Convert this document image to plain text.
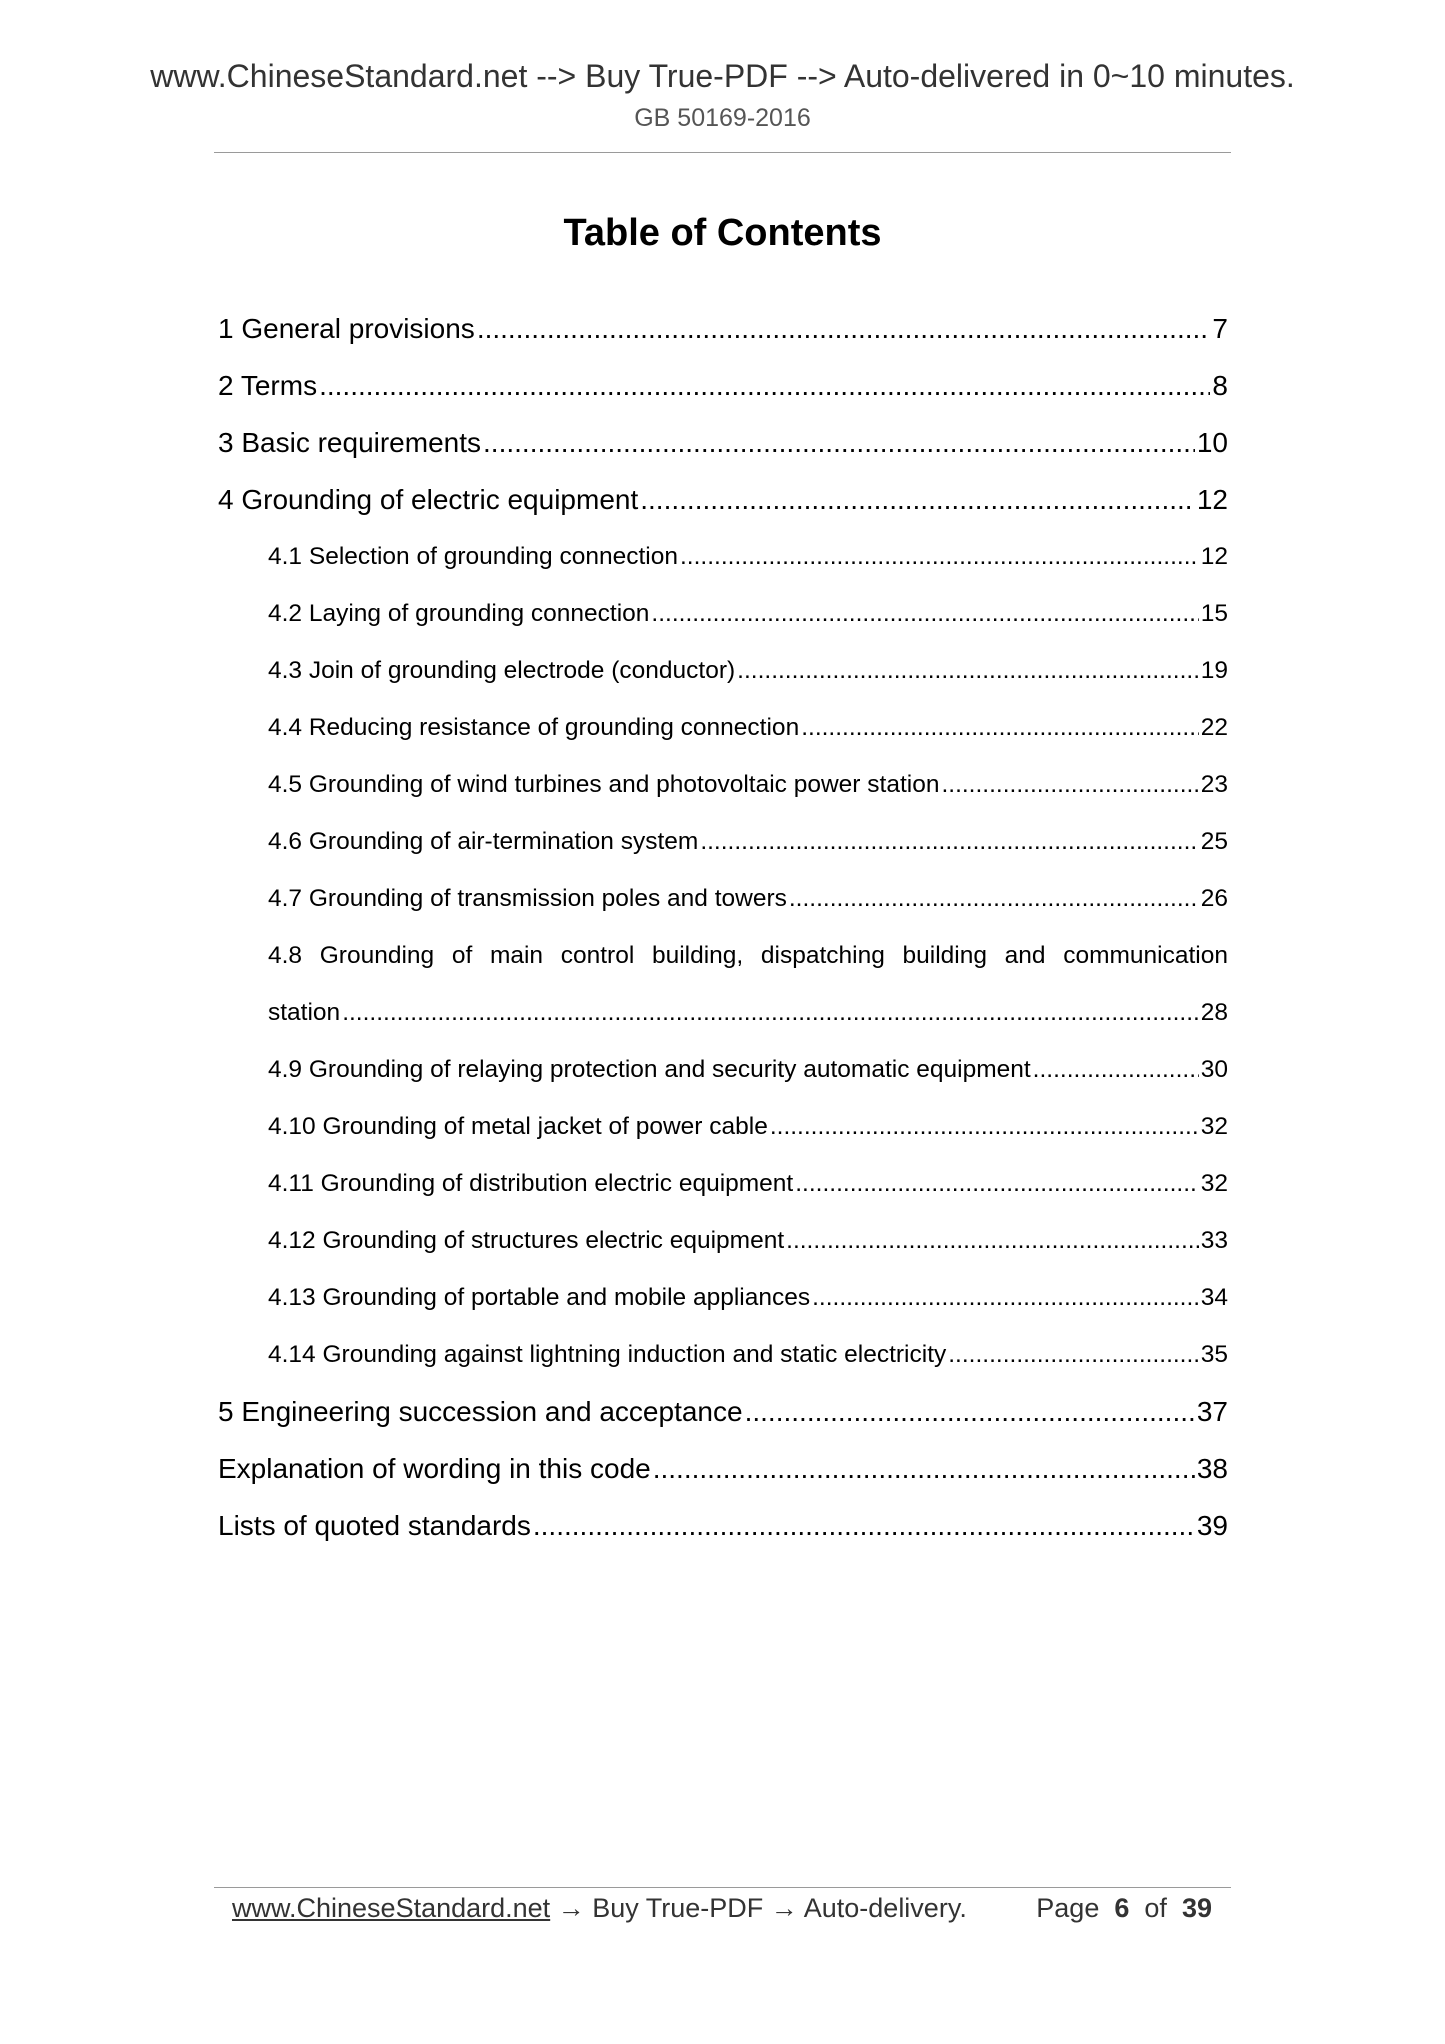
www.ChineseStandard.net --> Buy True-PDF --> Auto-delivered in 0~10 minutes.
GB 50169-2016
Table of Contents
1 General provisions .....	7
2 Terms .....	8
3 Basic requirements .....	10
4 Grounding of electric equipment .....	12
4.1 Selection of grounding connection .....	12
4.2 Laying of grounding connection .....	15
4.3 Join of grounding electrode (conductor) .....	19
4.4 Reducing resistance of grounding connection .....	22
4.5 Grounding of wind turbines and photovoltaic power station .....	23
4.6 Grounding of air-termination system .....	25
4.7 Grounding of transmission poles and towers .....	26
4.8 Grounding of main control building, dispatching building and communication
station .....	28
4.9 Grounding of relaying protection and security automatic equipment .....	30
4.10 Grounding of metal jacket of power cable .....	32
4.11 Grounding of distribution electric equipment .....	32
4.12 Grounding of structures electric equipment .....	33
4.13 Grounding of portable and mobile appliances .....	34
4.14 Grounding against lightning induction and static electricity .....	35
5 Engineering succession and acceptance .....	37
Explanation of wording in this code .....	38
Lists of quoted standards .....	39
www.ChineseStandard.net → Buy True-PDF → Auto-delivery.	Page 6 of 39
